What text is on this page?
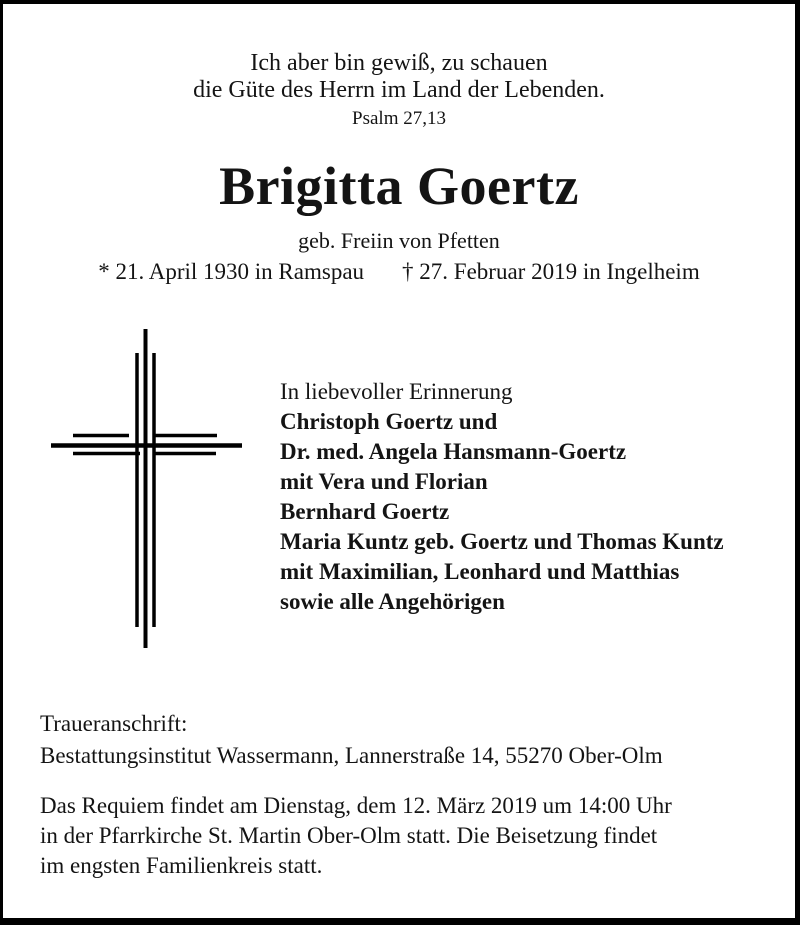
Ich aber bin gewiß, zu schauen
die Güte des Herrn im Land der Lebenden.
Psalm 27,13
Brigitta Goertz
geb. Freiin von Pfetten
* 21. April 1930 in Ramspau † 27. Februar 2019 in Ingelheim
In liebevoller Erinnerung
Christoph Goertz und
Dr. med. Angela Hansmann-Goertz
mit Vera und Florian
Bernhard Goertz
Maria Kuntz geb. Goertz und Thomas Kuntz
mit Maximilian, Leonhard und Matthias
sowie alle Angehörigen
Traueranschrift:
Bestattungsinstitut Wassermann, Lannerstraße 14, 55270 Ober-Olm
Das Requiem findet am Dienstag, dem 12. März 2019 um 14:00 Uhr
in der Pfarrkirche St. Martin Ober-Olm statt. Die Beisetzung findet
im engsten Familienkreis statt.
